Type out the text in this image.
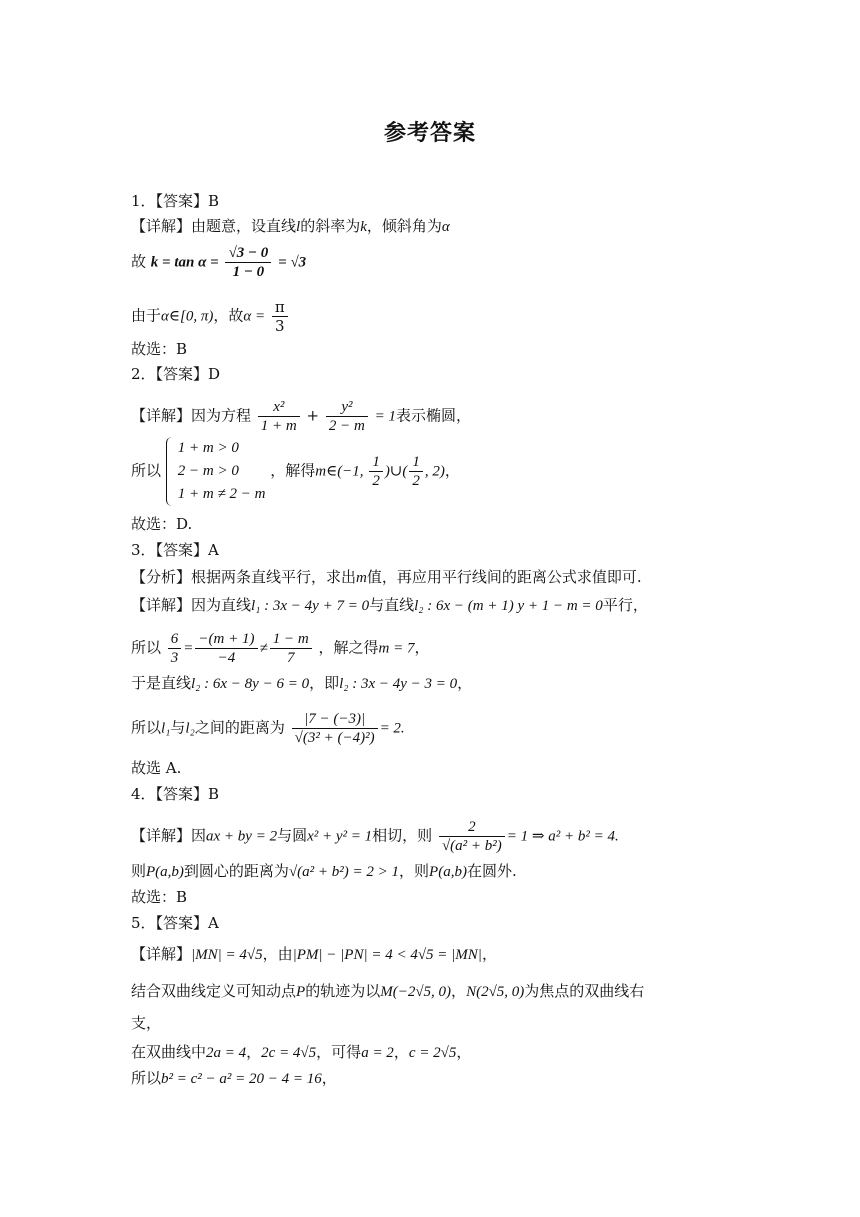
参考答案
1．【答案】B
【详解】由题意，设直线l的斜率为k，倾斜角为α
故 $k = \tan \alpha = \frac{√3 - 0}{1 - 0} = √3$
由于α∈[0, π)，故$\alpha = \frac{\pi}{3}$
故选：B
2．【答案】D
【详解】因为方程 $\frac{\text{x²}}{1 + m} + \frac{\text{y²}}{2 - m} = 1$表示椭圆，
所以
1 + m > 0
2 − m > 0
1 + m ≠ 2 − m
，解得m∈(−1, $\frac{1}{2}$ )∪( $\frac{1}{2}$ , 2)，
故选：D.
3．【答案】A
【分析】根据两条直线平行，求出m值，再应用平行线间的距离公式求值即可.
【详解】因为直线l₁ : 3x − 4y + 7 = 0与直线l₂ : 6x − (m + 1) y + 1 − m = 0平行，
所以 $\frac{6}{3} = \frac{-(m + 1)}{-4} \ne \frac{1 - m}{7}$ ，解之得m = 7，
于是直线l₂ : 6x − 8y − 6 = 0，即l₂ : 3x − 4y − 3 = 0，
所以l₁与l₂之间的距离为 $\frac{|7 - (-3)|}{\text{√(3² + (−4)²)}} = 2$.
故选 A.
4．【答案】B
【详解】因ax + by = 2与圆x² + y² = 1相切，则 $\frac{2}{\text{√(a² + b²)}} = 1$ ⇒ a² + b² = 4.
则P(a,b)到圆心的距离为√(a² + b²) = 2 > 1，则P(a,b)在圆外.
故选：B
5．【答案】A
【详解】|MN| = 4√5，由|PM| − |PN| = 4 < 4√5 = |MN|，
结合双曲线定义可知动点P的轨迹为以M(−2√5, 0)，N(2√5, 0)为焦点的双曲线右
支，
在双曲线中2a = 4，2c = 4√5，可得a = 2，c = 2√5，
所以b² = c² − a² = 20 − 4 = 16，
